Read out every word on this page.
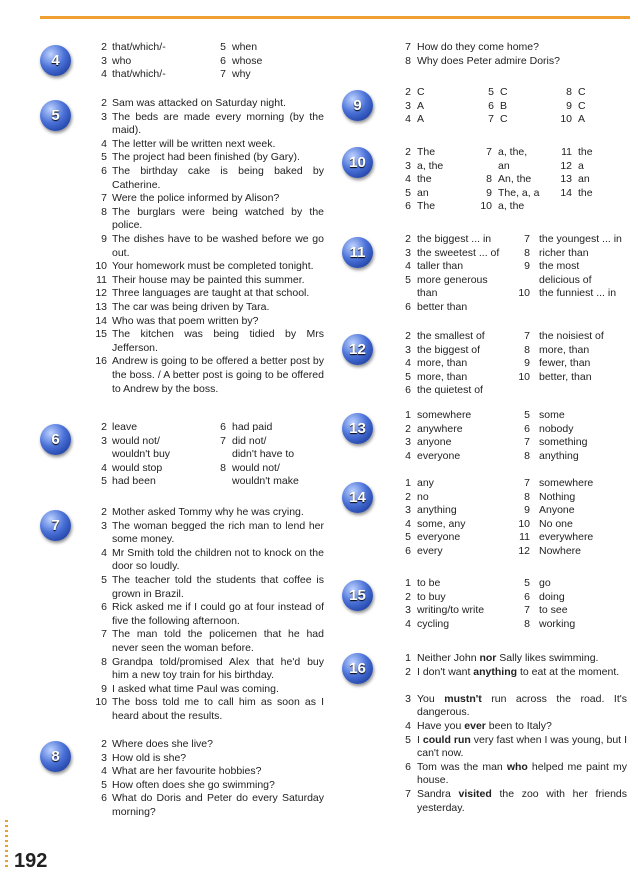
192
4
2 that/which/-	5 when
3 who	6 whose
4 that/which/-	7 why
5
2 Sam was attacked on Saturday night.
3 The beds are made every morning (by the maid).
4 The letter will be written next week.
5 The project had been finished (by Gary).
6 The birthday cake is being baked by Catherine.
7 Were the police informed by Alison?
8 The burglars were being watched by the police.
9 The dishes have to be washed before we go out.
10 Your homework must be completed tonight.
11 Their house may be painted this summer.
12 Three languages are taught at that school.
13 The car was being driven by Tara.
14 Who was that poem written by?
15 The kitchen was being tidied by Mrs Jefferson.
16 Andrew is going to be offered a better post by the boss. / A better post is going to be offered to Andrew by the boss.
6
2 leave	6 had paid
3 would not/	7 did not/
wouldn't buy	didn't have to
4 would stop	8 would not/
5 had been	wouldn't make
7
2 Mother asked Tommy why he was crying.
3 The woman begged the rich man to lend her some money.
4 Mr Smith told the children not to knock on the door so loudly.
5 The teacher told the students that coffee is grown in Brazil.
6 Rick asked me if I could go at four instead of five the following afternoon.
7 The man told the policemen that he had never seen the woman before.
8 Grandpa told/promised Alex that he'd buy him a new toy train for his birthday.
9 I asked what time Paul was coming.
10 The boss told me to call him as soon as I heard about the results.
8
2 Where does she live?
3 How old is she?
4 What are her favourite hobbies?
5 How often does she go swimming?
6 What do Doris and Peter do every Saturday morning?
7 How do they come home?
8 Why does Peter admire Doris?
9
2 C	5 C	8 C
3 A	6 B	9 C
4 A	7 C	10 A
10
2 The	7 a, the,	11 the
3 a, the	an	12 a
4 the	8 An, the	13 an
5 an	9 The, a, a 14 the
6 The	10 a, the
11
2 the biggest ... in	7 the youngest ... in
3 the sweetest ... of	8 richer than
4 taller than	9 the most
5 more generous	delicious of
than	10 the funniest ... in
6 better than
12
2 the smallest of	7 the noisiest of
3 the biggest of	8 more, than
4 more, than	9 fewer, than
5 more, than	10 better, than
6 the quietest of
13
1 somewhere	5 some
2 anywhere	6 nobody
3 anyone	7 something
4 everyone	8 anything
14
1 any	7 somewhere
2 no	8 Nothing
3 anything	9 Anyone
4 some, any	10 No one
5 everyone	11 everywhere
6 every	12 Nowhere
15
1 to be	5 go
2 to buy	6 doing
3 writing/to write	7 to see
4 cycling	8 working
16
1 Neither John nor Sally likes swimming.
2 I don't want anything to eat at the moment.
3 You mustn't run across the road. It's dangerous.
4 Have you ever been to Italy?
5 I could run very fast when I was young, but I can't now.
6 Tom was the man who helped me paint my house.
7 Sandra visited the zoo with her friends yesterday.
